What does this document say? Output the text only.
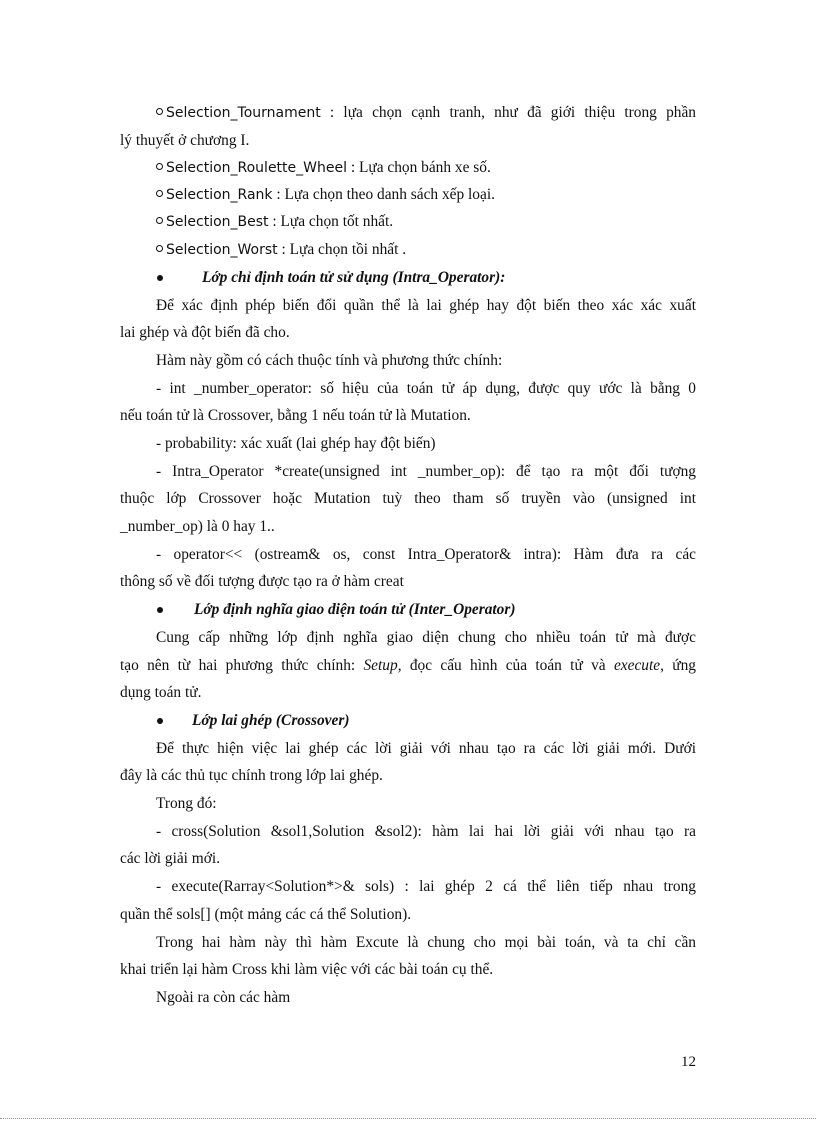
Selection_Tournament : lựa chọn cạnh tranh, như đã giới thiệu trong phần
lý thuyết ở chương I.
Selection_Roulette_Wheel : Lựa chọn bánh xe số.
Selection_Rank : Lựa chọn theo danh sách xếp loại.
Selection_Best : Lựa chọn tốt nhất.
Selection_Worst : Lựa chọn tồi nhất .
Lớp chỉ định toán tử sử dụng (Intra_Operator):
Để xác định phép biến đổi quần thể là lai ghép hay đột biến theo xác xác xuất
lai ghép và đột biến đã cho.
Hàm này gồm có cách thuộc tính và phương thức chính:
- int _number_operator: số hiệu của toán tử áp dụng, được quy ước là bằng 0
nếu toán tử là Crossover, bằng 1 nếu toán tử là Mutation.
- probability: xác xuất (lai ghép hay đột biến)
- Intra_Operator *create(unsigned int _number_op): để tạo ra một đối tượng
thuộc lớp Crossover hoặc Mutation tuỳ theo tham số truyền vào (unsigned int
_number_op) là 0 hay 1..
- operator<< (ostream& os, const Intra_Operator& intra): Hàm đưa ra các
thông số về đối tượng được tạo ra ở hàm creat
Lớp định nghĩa giao diện toán tử (Inter_Operator)
Cung cấp những lớp định nghĩa giao diện chung cho nhiều toán tử mà được
tạo nên từ hai phương thức chính: Setup, đọc cấu hình của toán tử và execute, ứng
dụng toán tử.
Lớp lai ghép (Crossover)
Để thực hiện việc lai ghép các lời giải với nhau tạo ra các lời giải mới. Dưới
đây là các thủ tục chính trong lớp lai ghép.
Trong đó:
- cross(Solution &sol1,Solution &sol2): hàm lai hai lời giải với nhau tạo ra
các lời giải mới.
- execute(Rarray<Solution*>& sols) : lai ghép 2 cá thể liên tiếp nhau trong
quần thể sols[] (một mảng các cá thể Solution).
Trong hai hàm này thì hàm Excute là chung cho mọi bài toán, và ta chỉ cần
khai triển lại hàm Cross khi làm việc với các bài toán cụ thể.
Ngoài ra còn các hàm
12
